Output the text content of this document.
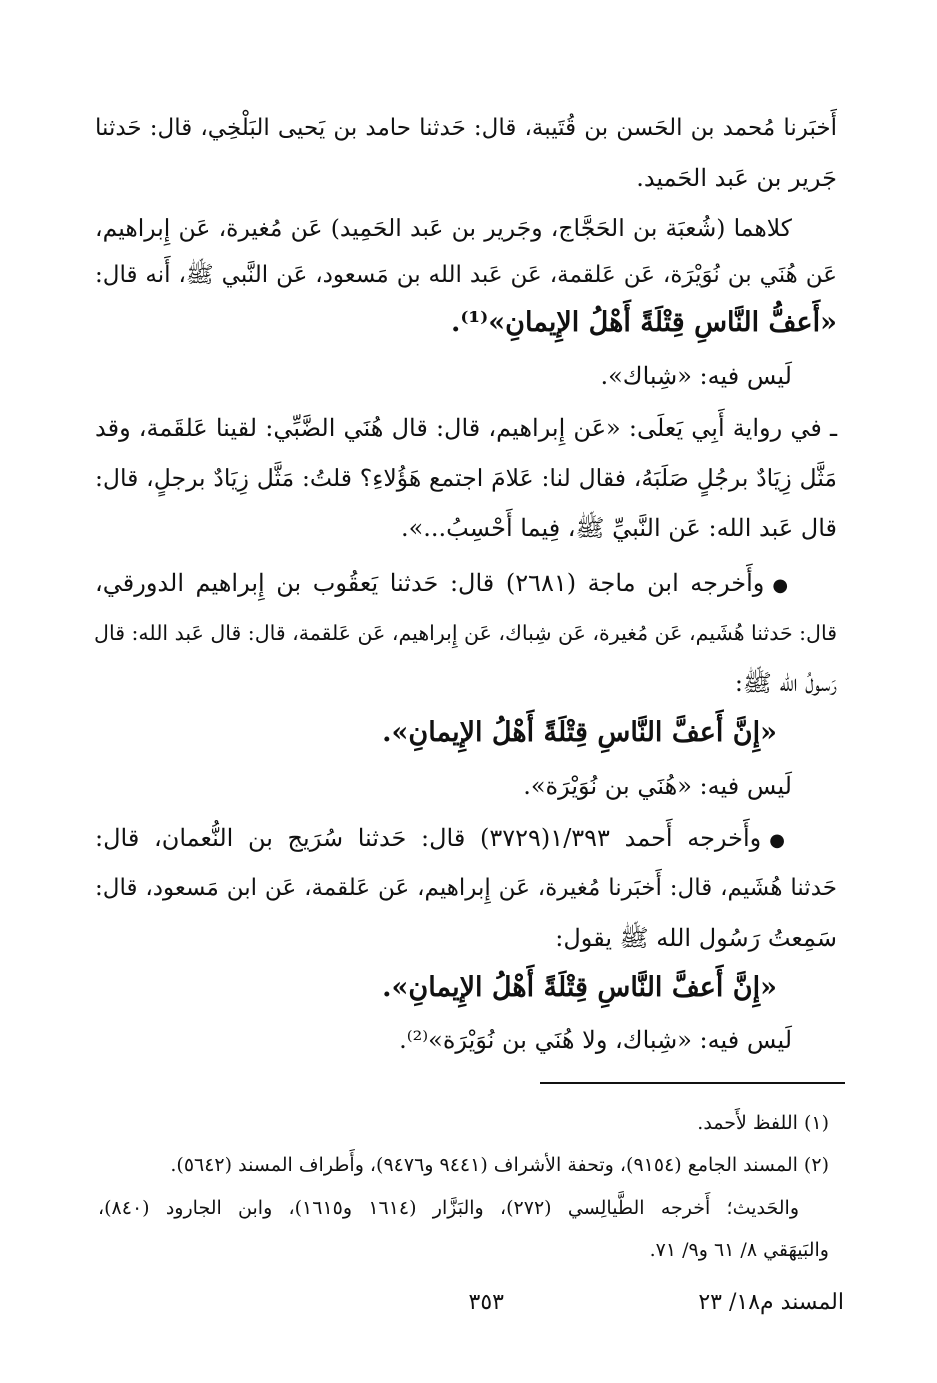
أَخبَرنا مُحمد بن الحَسن بن قُتَيبة، قال: حَدثنا حامد بن يَحيى البَلْخِي، قال: حَدثنا
جَرير بن عَبد الحَميد.
كلاهما (شُعبَة بن الحَجَّاج، وجَرير بن عَبد الحَمِيد) عَن مُغيرة، عَن إِبراهيم،
عَن هُنَي بن نُوَيْرَة، عَن عَلقمة، عَن عَبد الله بن مَسعود، عَن النَّبي ﷺ، أَنه قال:
«أَعفُّ النَّاسِ قِتْلَةً أَهْلُ الإِيمانِ»⁽¹⁾.
لَيس فيه: «شِباك».
ـ في رواية أَبِي يَعلَى: «عَن إِبراهيم، قال: قال هُنَي الضَّبِّي: لقينا عَلقَمة، وقد
مَثَّل زِيَادٌ برجُلٍ صَلَبَهُ، فقال لنا: عَلامَ اجتمع هَؤُلاءِ؟ قلتُ: مَثَّل زِيَادٌ برجلٍ، قال:
قال عَبد الله: عَن النَّبيِّ ﷺ، فِيما أَحْسِبُ...».
● وأَخرجه ابن ماجة (٢٦٨١) قال: حَدثنا يَعقُوب بن إِبراهيم الدورقي،
قال: حَدثنا هُشَيم، عَن مُغيرة، عَن شِباك، عَن إِبراهيم، عَن عَلقمة، قال: قال عَبد الله: قال
رَسولُ الله ﷺ:
«إِنَّ أَعفَّ النَّاسِ قِتْلَةً أَهْلُ الإِيمانِ».
لَيس فيه: «هُنَي بن نُوَيْرَة».
● وأَخرجه أَحمد ١/٣٩٣(٣٧٢٩) قال: حَدثنا سُرَيج بن النُّعمان، قال:
حَدثنا هُشَيم، قال: أَخبَرنا مُغيرة، عَن إِبراهيم، عَن عَلقمة، عَن ابن مَسعود، قال:
سَمِعتُ رَسُول الله ﷺ يقول:
«إِنَّ أَعفَّ النَّاسِ قِتْلَةً أَهْلُ الإِيمانِ».
لَيس فيه: «شِباك، ولا هُنَي بن نُوَيْرَة»⁽²⁾.
(١) اللفظ لأَحمد.
(٢) المسند الجامع (٩١٥٤)، وتحفة الأشراف (٩٤٤١ و٩٤٧٦)، وأَطراف المسند (٥٦٤٢).
والحَديث؛ أَخرجه الطَّيالِسي (٢٧٢)، والبَزَّار (١٦١٤ و١٦١٥)، وابن الجارود (٨٤٠)،
والبَيهَقي ٨/ ٦١ و٩/ ٧١.
المسند م١٨/ ٢٣
٣٥٣
